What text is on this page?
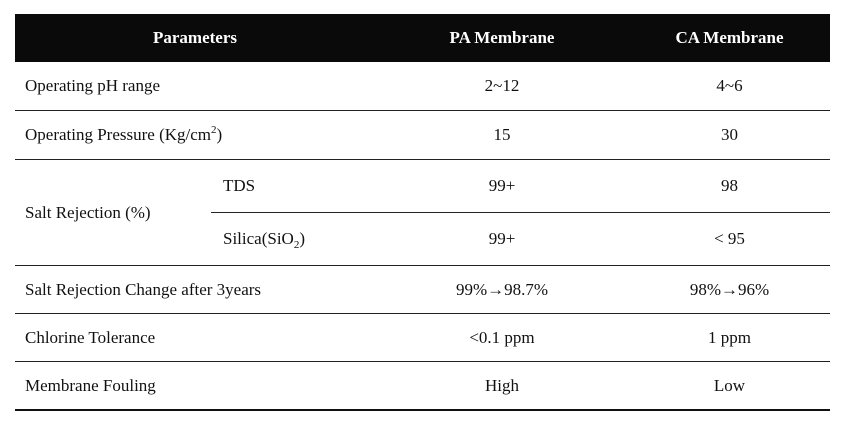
Parameters	PA Membrane	CA Membrane
Operating pH range	2~12	4~6
Operating Pressure $(Kg/cm^2)$	15	30
Salt Rejection (%)
TDS	99+	98
Silica(SiO$_2$)	99+	< 95
Salt Rejection Change after 3years	99%→98.7%	98%→96%
Chlorine Tolerance	<0.1 ppm	1 ppm
Membrane Fouling	High	Low
